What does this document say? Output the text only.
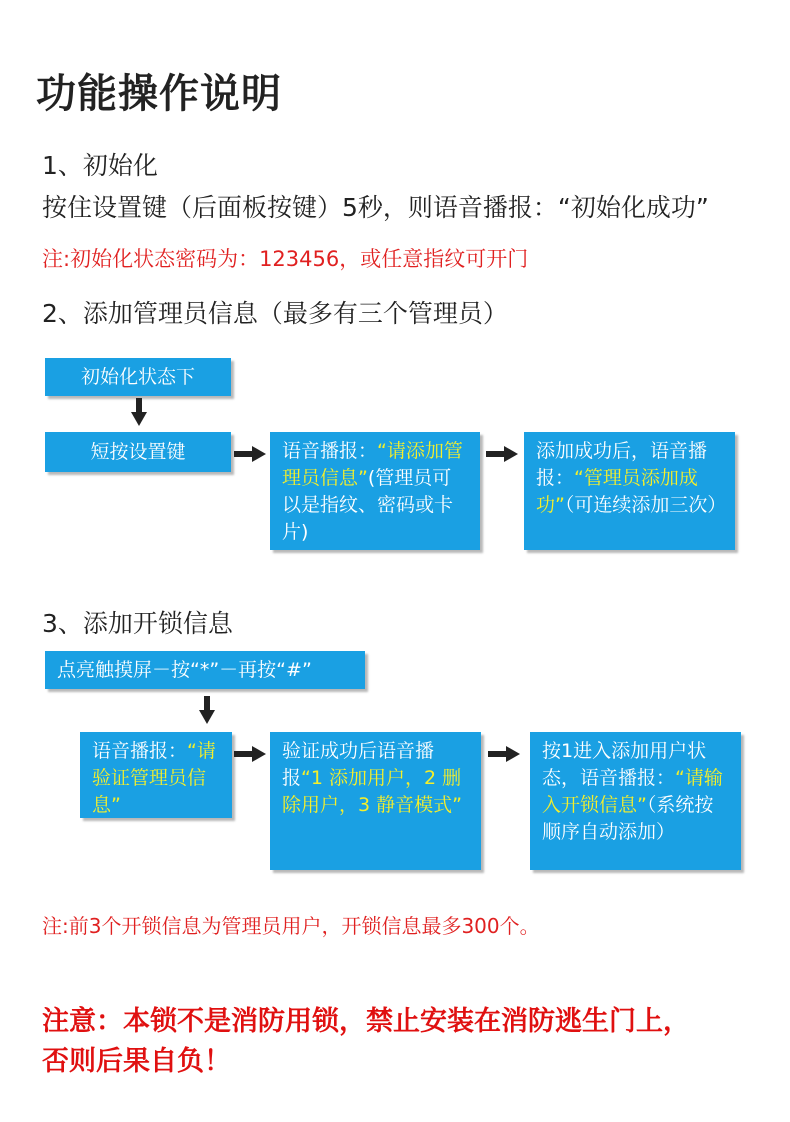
功能操作说明
1、初始化
按住设置键（后面板按键）5秒，则语音播报：“初始化成功”
注:初始化状态密码为：123456，或任意指纹可开门
2、添加管理员信息（最多有三个管理员）
初始化状态下
短按设置键	语音播报：“请添加管理员信息”(管理员可以是指纹、密码或卡片)
添加成功后，语音播报：“管理员添加成功”（可连续添加三次）
3、添加开锁信息
点亮触摸屏－按“*”－再按“#”
语音播报：“请验证管理员信息”
验证成功后语音播报“1 添加用户，2 删除用户，3 静音模式”
按1进入添加用户状态，语音播报：“请输入开锁信息”（系统按顺序自动添加）
注:前3个开锁信息为管理员用户，开锁信息最多300个。
注意：本锁不是消防用锁，禁止安装在消防逃生门上，
否则后果自负！
